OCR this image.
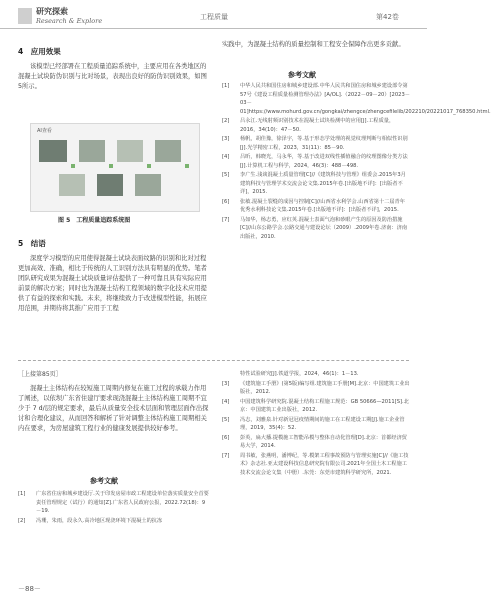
研究探索
Research & Explore	工程质量	第42卷
4　应用效果
该模型已经部署在工程质量追踪系统中，主要应用在各类地区的混凝土试块防伪识别与比对场景，表现出良好的防伪识别效果，如图5所示。
AI查看
图 5　工程质量追踪系统图
5　结语
深度学习模型的应用使得混凝土试块表面纹路的识别和比对过程更加高效、准确，相比于传统的人工识别方法具有明显的优势。笔者团队研究成果为混凝土试块质量评估提供了一种可靠且具有实际应用前景的解决方案；同时也为混凝土结构工程领域的数字化技术应用提供了有益的探索和实践。未来，将继续致力于改进模型性能，拓展应用范围，并期待将其推广应用于工程
实践中，为混凝土结构的质量控制和工程安全保障作出更多贡献。
参考文献
[1] 中华人民共和国住房和城乡建设部.中华人民共和国住房和城乡建设部令第57号《建设工程质量检测管理办法》[A/OL].（2022－09－20）[2023－03－01]https://www.mohurd.gov.cn/gongkai/zhengce/zhengcefilelib/202210/20221017_768350.html.
[2] 吕永江.无线射频识别技术在混凝土试块检测中的应用[J].工程质量，2016，34(10)：47－50.
[3] 杨帆，胡佳豫，徐泽宇，等.基于形态学处理的视觉纹理判断与相似性识别[J].光学精密工程，2023，31(11)：85－90.
[4] 吕昕，韩晓光，马永华，等.基于改进双线性插值融合的纹理图像分类方法[J].计算机工程与科学，2024，46(3)：488－498.
[5] 李广生.浅谈混凝土质量管理[C]//《建筑科技与管理》组委会.2015年3月建筑科技与管理学术交流会论文集.2015年卷.[出版地不详]：[出版者不详]，2015.
[6] 张敏.混凝土裂缝的成因与控制[C]//山西省水利学会.山西省第十二届青年优秀水利科技论文集.2015年卷.[出版地不详]：[出版者不详]，2015.
[7] 马如华，杨志勇，应红英.混凝土表面气泡和砂眼产生的原因及防治措施[C]//山东公路学会.公路交通与建设论坛（2009）.2009年卷.济南：济南出版社，2010.
［上接第85页］
混凝土主体结构在较短施工周期内修复在施工过程的承载力作用了阐述，以依坝广东省住建厅要求现浇混凝土主体结构施工周期不宜少于 7 d/层的规定要求，最后从质量安全技术层面和管理层面作出探讨和合理化建议，从而回答和解析了针对调整主体结构施工周期相关内在要求，为房屋建筑工程行业的健康发展提供较好参考。
参考文献
[1] 广东省住房和城乡建设厅.关于印发房屋市政工程建设单位落实质量安全首要责任管理规定（试行）的通知[Z].广东省人民政府公报，2022.72(18)：9－19.
[2] 冯珊，朱雨，段永久.高冷地区现浇环境下混凝土的抗冻
特性试验研究[J].铁道学报，2024，46(1)：1－13.
[3] 《建筑施工手册》(第5版)编写组.建筑施工手册[M].北京：中国建筑工业出版社，2012.
[4] 中国建筑科学研究院.混凝土结构工程施工规范：GB 50666—2011[S].北京：中国建筑工业出版社，2012.
[5] 冯志，刘雅泉.针对新冠冠疫情期间的施工在工程建设工期[J].施工企业管理，2019，35(4)：52.
[6] 彭英，扁大播.提模施工智能吊模与整体自动化管理[D].北京：首都经济贸易大学，2014.
[7] 周书敏，张燕明，潘博纪，等.模架工程事故预防与管理实施[C]//《施工技术》杂志社.亚太建设科技信息研究院有限公司.2021年全国土木工程施工技术交流会论文集（中册）.东莞：东莞市建筑科学研究所，2021.
－88－
